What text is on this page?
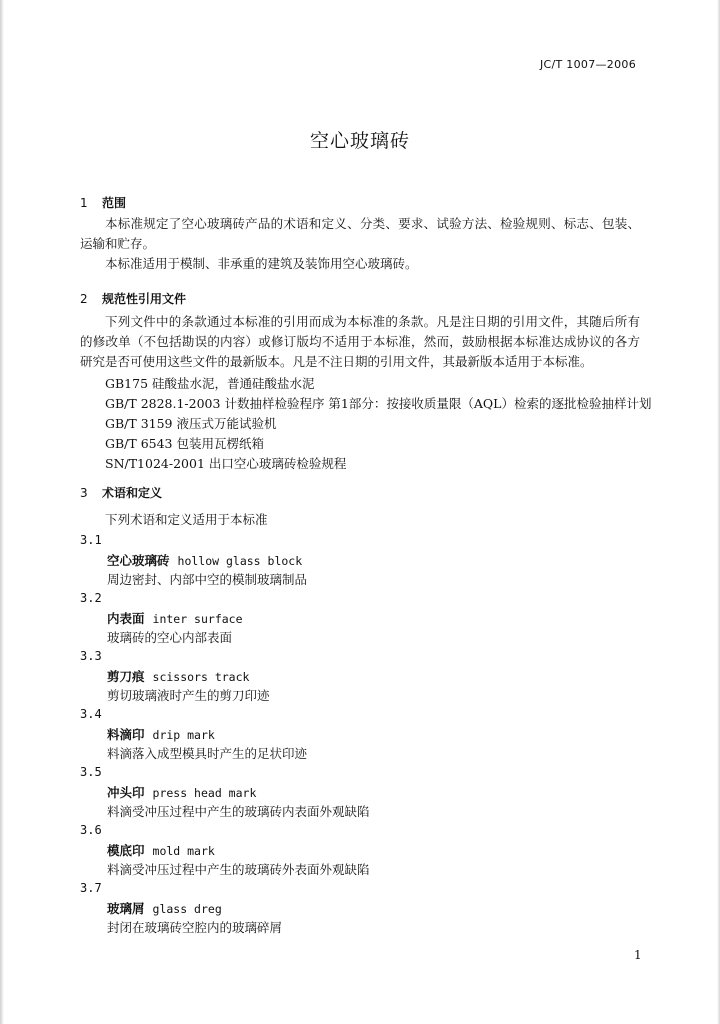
JC/T 1007—2006
空心玻璃砖
1 范围

本标准规定了空心玻璃砖产品的术语和定义、分类、要求、试验方法、检验规则、标志、包装、运输和贮存。

本标准适用于模制、非承重的建筑及装饰用空心玻璃砖。

2 规范性引用文件

下列文件中的条款通过本标准的引用而成为本标准的条款。凡是注日期的引用文件，其随后所有的修改单（不包括勘误的内容）或修订版均不适用于本标准，然而，鼓励根据本标准达成协议的各方研究是否可使用这些文件的最新版本。凡是不注日期的引用文件，其最新版本适用于本标准。

GB175 硅酸盐水泥，普通硅酸盐水泥
GB/T 2828.1-2003 计数抽样检验程序 第1部分：按接收质量限（AQL）检索的逐批检验抽样计划
GB/T 3159 液压式万能试验机
GB/T 6543 包装用瓦楞纸箱
SN/T1024-2001 出口空心玻璃砖检验规程
3 术语和定义
下列术语和定义适用于本标准
3.1
空心玻璃砖 hollow glass block
周边密封、内部中空的模制玻璃制品
3.2
内表面 inter surface
玻璃砖的空心内部表面
3.3
剪刀痕 scissors track
剪切玻璃液时产生的剪刀印迹
3.4
料滴印 drip mark
料滴落入成型模具时产生的足状印迹
3.5
冲头印 press head mark
料滴受冲压过程中产生的玻璃砖内表面外观缺陷
3.6
模底印 mold mark
料滴受冲压过程中产生的玻璃砖外表面外观缺陷
3.7
玻璃屑 glass dreg
封闭在玻璃砖空腔内的玻璃碎屑
1
